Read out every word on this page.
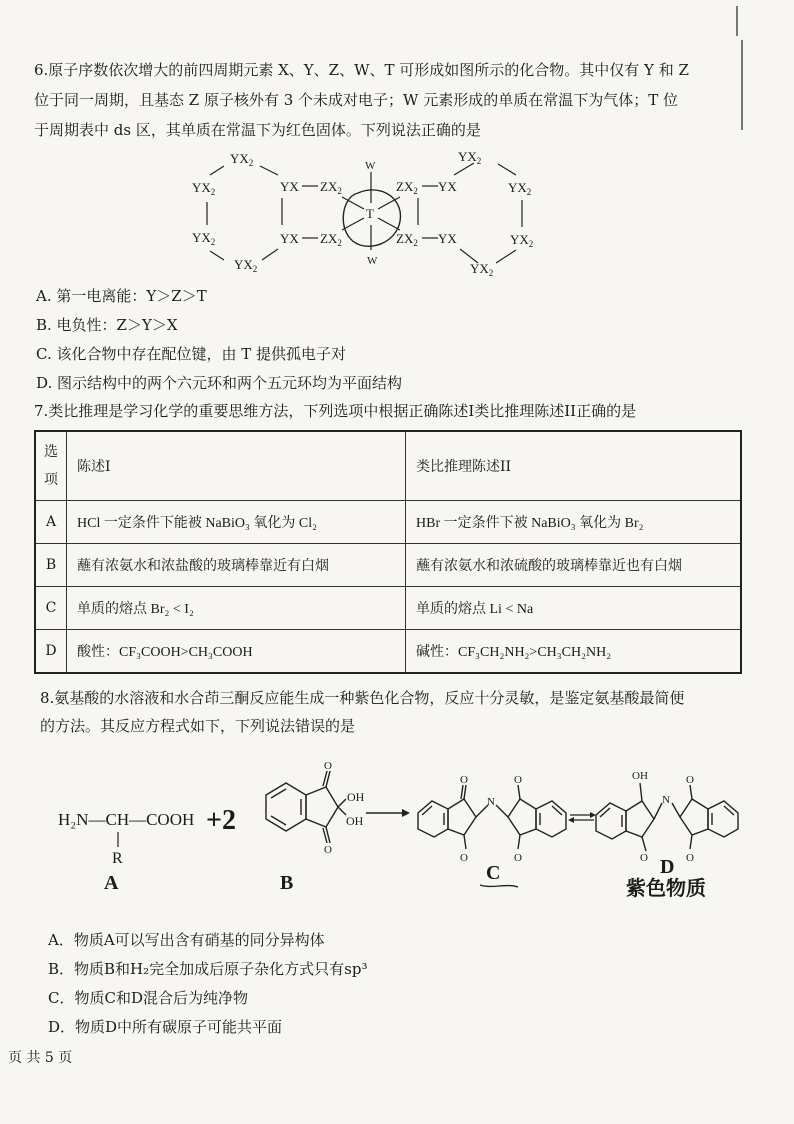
6.原子序数依次增大的前四周期元素 X、Y、Z、W、T 可形成如图所示的化合物。其中仅有 Y 和 Z
位于同一周期，且基态 Z 原子核外有 3 个未成对电子；W 元素形成的单质在常温下为气体；T 位
于周期表中 ds 区，其单质在常温下为红色固体。下列说法正确的是
$YX_2$
$YX_2$
$YX_2$
$YX_2$
YX
YX
$ZX_2$
$ZX_2$
W
T
W
$ZX_2$
$ZX_2$
YX
YX
$YX_2$
$YX_2$
$YX_2$
$YX_2$
A. 第一电离能：Y＞Z＞T
B. 电负性：Z＞Y＞X
C. 该化合物中存在配位键，由 T 提供孤电子对
D. 图示结构中的两个六元环和两个五元环均为平面结构
7.类比推理是学习化学的重要思维方法，下列选项中根据正确陈述I类比推理陈述II正确的是
选
项	陈述I	类比推理陈述II
A	HCl 一定条件下能被 NaBiO₃ 氧化为 Cl₂	HBr 一定条件下被 NaBiO₃ 氧化为 Br₂
B	蘸有浓氨水和浓盐酸的玻璃棒靠近有白烟	蘸有浓氨水和浓硫酸的玻璃棒靠近也有白烟
C	单质的熔点 Br₂ < I₂	单质的熔点 Li < Na
D	酸性：CF₃COOH>CH₃COOH	碱性：CF₃CH₂NH₂>CH₃CH₂NH₂
8.氨基酸的水溶液和水合茚三酮反应能生成一种紫色化合物，反应十分灵敏，是鉴定氨基酸最简便
的方法。其反应方程式如下，下列说法错误的是
H₂N—CH—COOH
R
A
+2
O
O
OH
OH
B
O
O
N
O
O
C
OH
N
O
O
O
D
紫色物质
A．物质A可以写出含有硝基的同分异构体
B．物质B和H₂完全加成后原子杂化方式只有sp³
C．物质C和D混合后为纯净物
D．物质D中所有碳原子可能共平面
页 共 5 页
